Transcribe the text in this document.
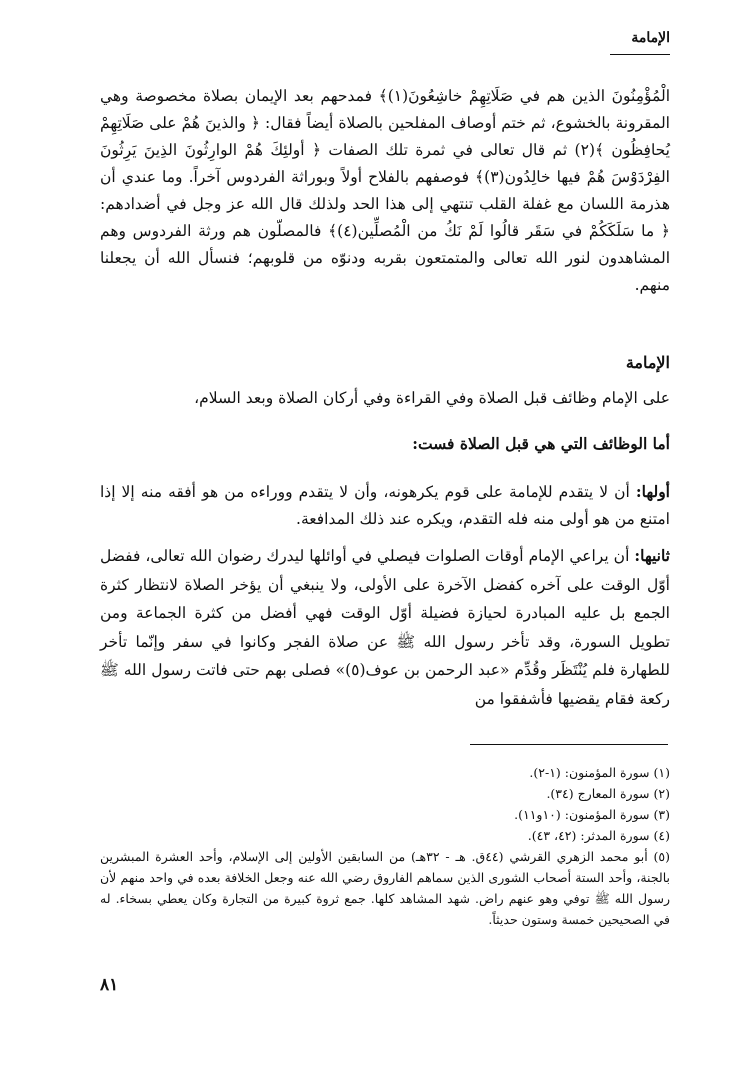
الإمامة

الْمُؤْمِنُونَ الذين هم في صَلَاتِهِمْ خاشِعُونَ(١)﴾ فمدحهم بعد الإيمان بصلاة مخصوصة وهي المقرونة بالخشوع، ثم ختم أوصاف المفلحين بالصلاة أيضاً فقال: ﴿ والذينَ هُمْ على صَلَاتِهِمْ يُحافِظُون ﴾(٢) ثم قال تعالى في ثمرة تلك الصفات ﴿ أولئِكَ هُمْ الوارِثُونَ الذِينَ يَرِثُونَ الفِرْدَوْسَ هُمْ فيها خالِدُون(٣)﴾ فوصفهم بالفلاح أولاً وبوراثة الفردوس آخراً. وما عندي أن هذرمة اللسان مع غفلة القلب تنتهي إلى هذا الحد ولذلك قال الله عز وجل في أضدادهم: ﴿ ما سَلَكَكُمْ في سَقَر قالُوا لَمْ نَكُ من الْمُصلِّين(٤)﴾ فالمصلّون هم ورثة الفردوس وهم المشاهدون لنور الله تعالى والمتمتعون بقربه ودنوّه من قلوبهم؛ فنسأل الله أن يجعلنا منهم.

الإمامة

على الإمام وظائف قبل الصلاة وفي القراءة وفي أركان الصلاة وبعد السلام،

أما الوظائف التي هي قبل الصلاة فست:

أولها: أن لا يتقدم للإمامة على قوم يكرهونه، وأن لا يتقدم ووراءه من هو أفقه منه إلا إذا امتنع من هو أولى منه فله التقدم، ويكره عند ذلك المدافعة.

ثانيها: أن يراعي الإمام أوقات الصلوات فيصلي في أوائلها ليدرك رضوان الله تعالى، ففضل أوّل الوقت على آخره كفضل الآخرة على الأولى، ولا ينبغي أن يؤخر الصلاة لانتظار كثرة الجمع بل عليه المبادرة لحيازة فضيلة أوّل الوقت فهي أفضل من كثرة الجماعة ومن تطويل السورة، وقد تأخر رسول الله ﷺ عن صلاة الفجر وكانوا في سفر وإنّما تأخر للطهارة فلم يُنْتَظَر وقُدِّم «عبد الرحمن بن عوف(٥)» فصلى بهم حتى فاتت رسول الله ﷺ ركعة فقام يقضيها فأشفقوا من

(١) سورة المؤمنون: (١-٢).

(٢) سورة المعارج (٣٤).

(٣) سورة المؤمنون: (١٠و١١).

(٤) سورة المدثر: (٤٢، ٤٣).

(٥) أبو محمد الزهري القرشي (٤٤ق. هـ - ٣٢هـ) من السابقين الأولين إلى الإسلام، وأحد العشرة المبشرين بالجنة، وأحد الستة أصحاب الشورى الذين سماهم الفاروق رضي الله عنه وجعل الخلافة بعده في واحد منهم لأن رسول الله ﷺ توفي وهو عنهم راض. شهد المشاهد كلها. جمع ثروة كبيرة من التجارة وكان يعطي بسخاء. له في الصحيحين خمسة وستون حديثاً.

٨١
